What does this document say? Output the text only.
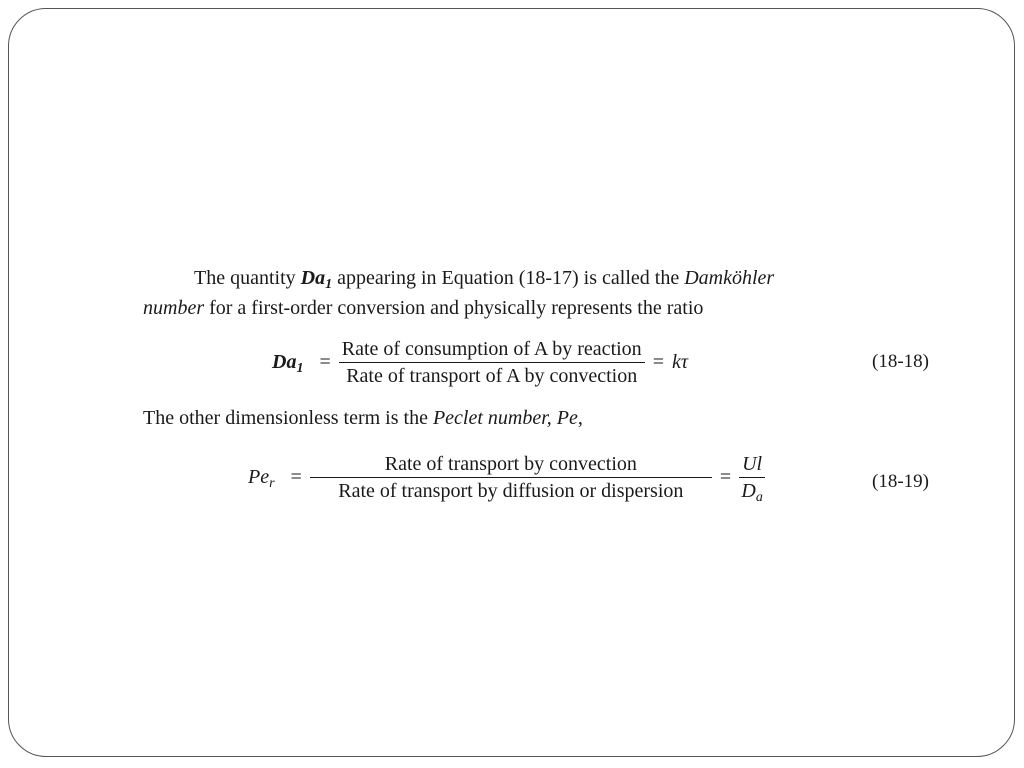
The quantity $Da_1$ appearing in Equation (18-17) is called the Damköhler
number for a first-order conversion and physically represents the ratio
$Da_1 = \frac{\text{Rate of consumption of A by reaction}}{\text{Rate of transport of A by convection}} = k\tau$	(18-18)
The other dimensionless term is the Peclet number, Pe,
$Pe_r = \frac{\text{Rate of transport by convection}}{\text{Rate of transport by diffusion or dispersion}} = \frac{Ul}{D_a}$	(18-19)
